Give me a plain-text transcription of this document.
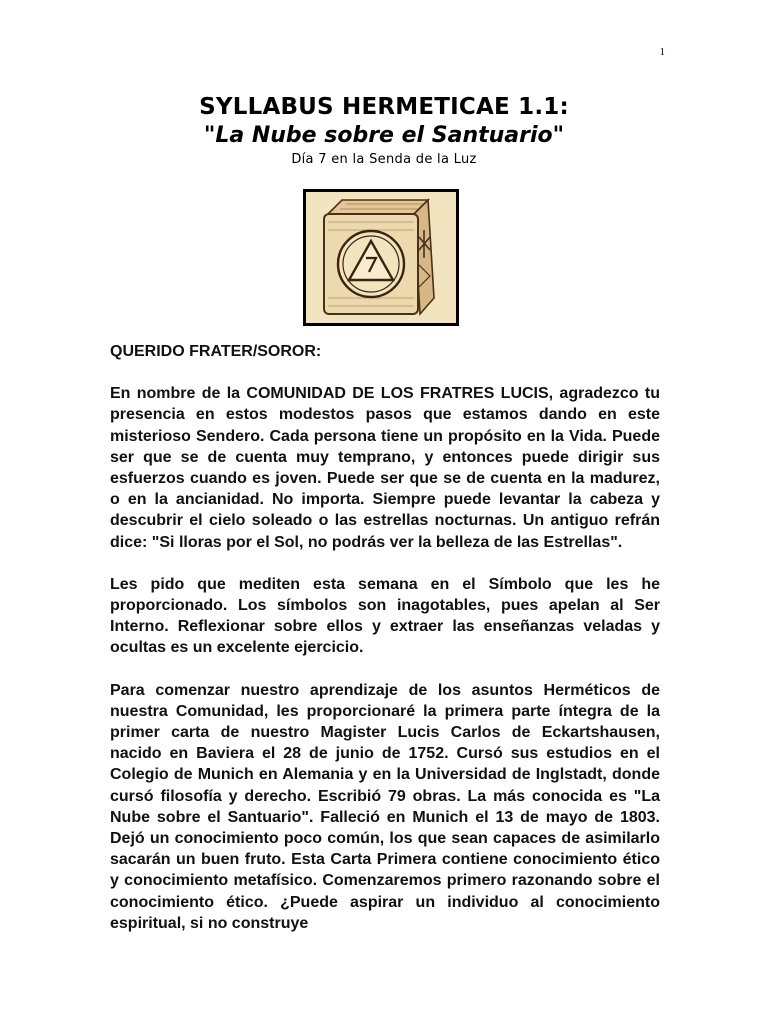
1
SYLLABUS HERMETICAE 1.1:
"La Nube sobre el Santuario"
Día 7 en la Senda de la Luz

QUERIDO FRATER/SOROR:

En nombre de la COMUNIDAD DE LOS FRATRES LUCIS, agradezco tu presencia en estos modestos pasos que estamos dando en este misterioso Sendero. Cada persona tiene un propósito en la Vida. Puede ser que se de cuenta muy temprano, y entonces puede dirigir sus esfuerzos cuando es joven. Puede ser que se de cuenta en la madurez, o en la ancianidad. No importa. Siempre puede levantar la cabeza y descubrir el cielo soleado o las estrellas nocturnas. Un antiguo refrán dice: "Si lloras por el Sol, no podrás ver la belleza de las Estrellas".

Les pido que mediten esta semana en el Símbolo que les he proporcionado. Los símbolos son inagotables, pues apelan al Ser Interno. Reflexionar sobre ellos y extraer las enseñanzas veladas y ocultas es un excelente ejercicio.

Para comenzar nuestro aprendizaje de los asuntos Herméticos de nuestra Comunidad, les proporcionaré la primera parte íntegra de la primer carta de nuestro Magister Lucis Carlos de Eckartshausen, nacido en Baviera el 28 de junio de 1752. Cursó sus estudios en el Colegio de Munich en Alemania y en la Universidad de Inglstadt, donde cursó filosofía y derecho. Escribió 79 obras. La más conocida es "La Nube sobre el Santuario". Falleció en Munich el 13 de mayo de 1803. Dejó un conocimiento poco común, los que sean capaces de asimilarlo sacarán un buen fruto. Esta Carta Primera contiene conocimiento ético y conocimiento metafísico. Comenzaremos primero razonando sobre el conocimiento ético. ¿Puede aspirar un individuo al conocimiento espiritual, si no construye
